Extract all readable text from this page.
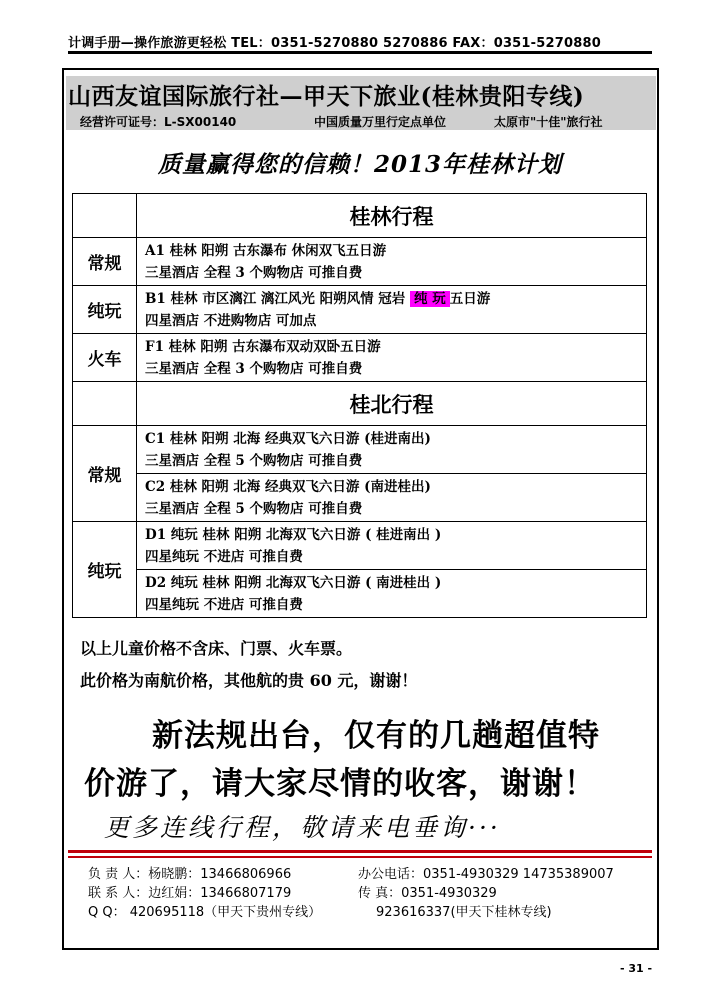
计调手册—操作旅游更轻松 TEL：0351-5270880 5270886 FAX：0351-5270880
山西友谊国际旅行社—甲天下旅业(桂林贵阳专线)
经营许可证号：L-SX00140	中国质量万里行定点单位	太原市"十佳"旅行社
质量赢得您的信赖！2013年桂林计划
	桂林行程
常规	A1 桂林 阳朔 古东瀑布 休闲双飞五日游
三星酒店 全程 3 个购物店 可推自费

纯玩	B1 桂林 市区漓江 漓江风光 阳朔风情 冠岩 纯 玩 五日游
四星酒店 不进购物店 可加点

火车	F1 桂林 阳朔 古东瀑布双动双卧五日游
三星酒店 全程 3 个购物店 可推自费

	桂北行程
常规	C1 桂林 阳朔 北海 经典双飞六日游 (桂进南出)
三星酒店 全程 5 个购物店 可推自费

	C2 桂林 阳朔 北海 经典双飞六日游 (南进桂出)
三星酒店 全程 5 个购物店 可推自费

纯玩	D1 纯玩 桂林 阳朔 北海双飞六日游 ( 桂进南出 )
四星纯玩 不进店 可推自费

	D2 纯玩 桂林 阳朔 北海双飞六日游 ( 南进桂出 )
四星纯玩 不进店 可推自费
以上儿童价格不含床、门票、火车票。
此价格为南航价格，其他航的贵 60 元，谢谢！
新法规出台，仅有的几趟超值特
价游了，请大家尽情的收客，谢谢！
更多连线行程，敬请来电垂询···
负 责 人：杨晓鹏：13466806966	办公电话：0351-4930329 14735389007
联 系 人：边红娟：13466807179	传 真：0351-4930329
Q Q： 420695118（甲天下贵州专线）	923616337(甲天下桂林专线)
- 31 -
